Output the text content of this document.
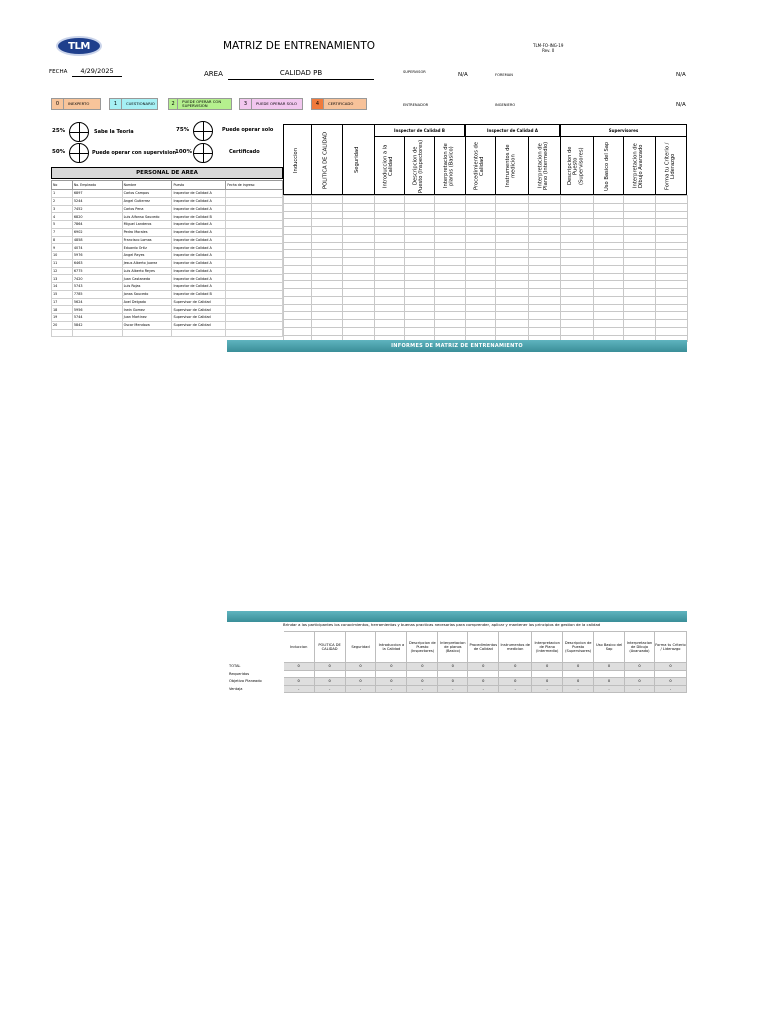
TLM	MATRIZ DE ENTRENAMIENTO	TLM-FO-ING-19
Rev. 0
FECHA	4/29/2025	AREA	CALIDAD PB	SUPERVISOR	N/A	FOREMAN	N/A
0	INEXPERTO	1	CUESTIONARIO	2	PUEDE OPERAR CON SUPERVISION	3	PUEDE OPERAR SOLO	4	CERTIFICADO	ENTRENADOR	INGENIERO	N/A
25%	Sabe la Teoria	75%	Puede operar solo
50%	Puede operar con supervision
100%	Certificado
Inspector de Calidad B	Inspector de Calidad A	Supervisores
Induccion	POLITICA DE CALIDAD	Seguridad	Introduccion a la Calidad	Descripcion de Puesto (Inspectores)	Interpretacion de planos (Basico)	Procedimientos de Calidad	Instrumentos de medicion	Interpretacion de Plano (Intermedio)	Descripcion de Puesto (Supervisores)	Uso Basico del Sap	Interpretacion de Dibujo Avanzado	Forma tu Criterio / Liderazgo
PERSONAL DE AREA
No	No. Empleado	Nombre	Puesto	Fecha de ingreso
1	6897	Carlos Campos	Inspector de Calidad A	
2	5244	Angel Gutierrez	Inspector de Calidad A	
3	7452	Carlos Pena	Inspector de Calidad A	
4	6820	Luis Alfonso Saucedo	Inspector de Calidad B	
5	7864	Miguel Landeros	Inspector de Calidad A	
7	6902	Pedro Morales	Inspector de Calidad A	
8	4858	Francisco Lomas	Inspector de Calidad A	
9	4074	Eduardo Ortiz	Inspector de Calidad A	
10	5976	Angel Reyes	Inspector de Calidad A	
11	6463	Jesus Alberto Juarez	Inspector de Calidad A	
12	6775	Luis Alberto Reyes	Inspector de Calidad A	
13	7420	Juan Castaneda	Inspector de Calidad A	
14	5743	Luis Rojas	Inspector de Calidad A	
15	7785	Jonas Saucedo	Inspector de Calidad B	
17	5624	Axel Delgado	Supervisor de Calidad	
18	5956	Irwin Gomez	Supervisor de Calidad	
19	5744	Juan Martinez	Supervisor de Calidad	
20	5842	Oscar Mendoza	Supervisor de Calidad	

INFORMES DE MATRIZ DE ENTRENAMIENTO
Brindar a los participantes los conocimientos, herramientas y buenas practicas necesarias para comprender, aplicar y mantener los principios de gestion de la calidad
	Induccion	POLITICA DE CALIDAD	Seguridad	Introduccion a la Calidad	Descripcion de Puesto (Inspectores)	Interpretacion de planos (Basico)	Procedimientos de Calidad	Instrumentos de medicion	Interpretacion de Plano (Intermedio)	Descripcion de Puesto (Supervisores)	Uso Basico del Sap	Interpretacion de Dibujo (Avanzado)	Forma tu Criterio / Liderazgo
TOTAL	0	0	0	0	0	0	0	0	0	0	0	0	0
Requeridos													
Objetivo Planeado	0	0	0	0	0	0	0	0	0	0	0	0	0
Ventaja	-	-	-	-	-	-	-	-	-	-	-	-	-
